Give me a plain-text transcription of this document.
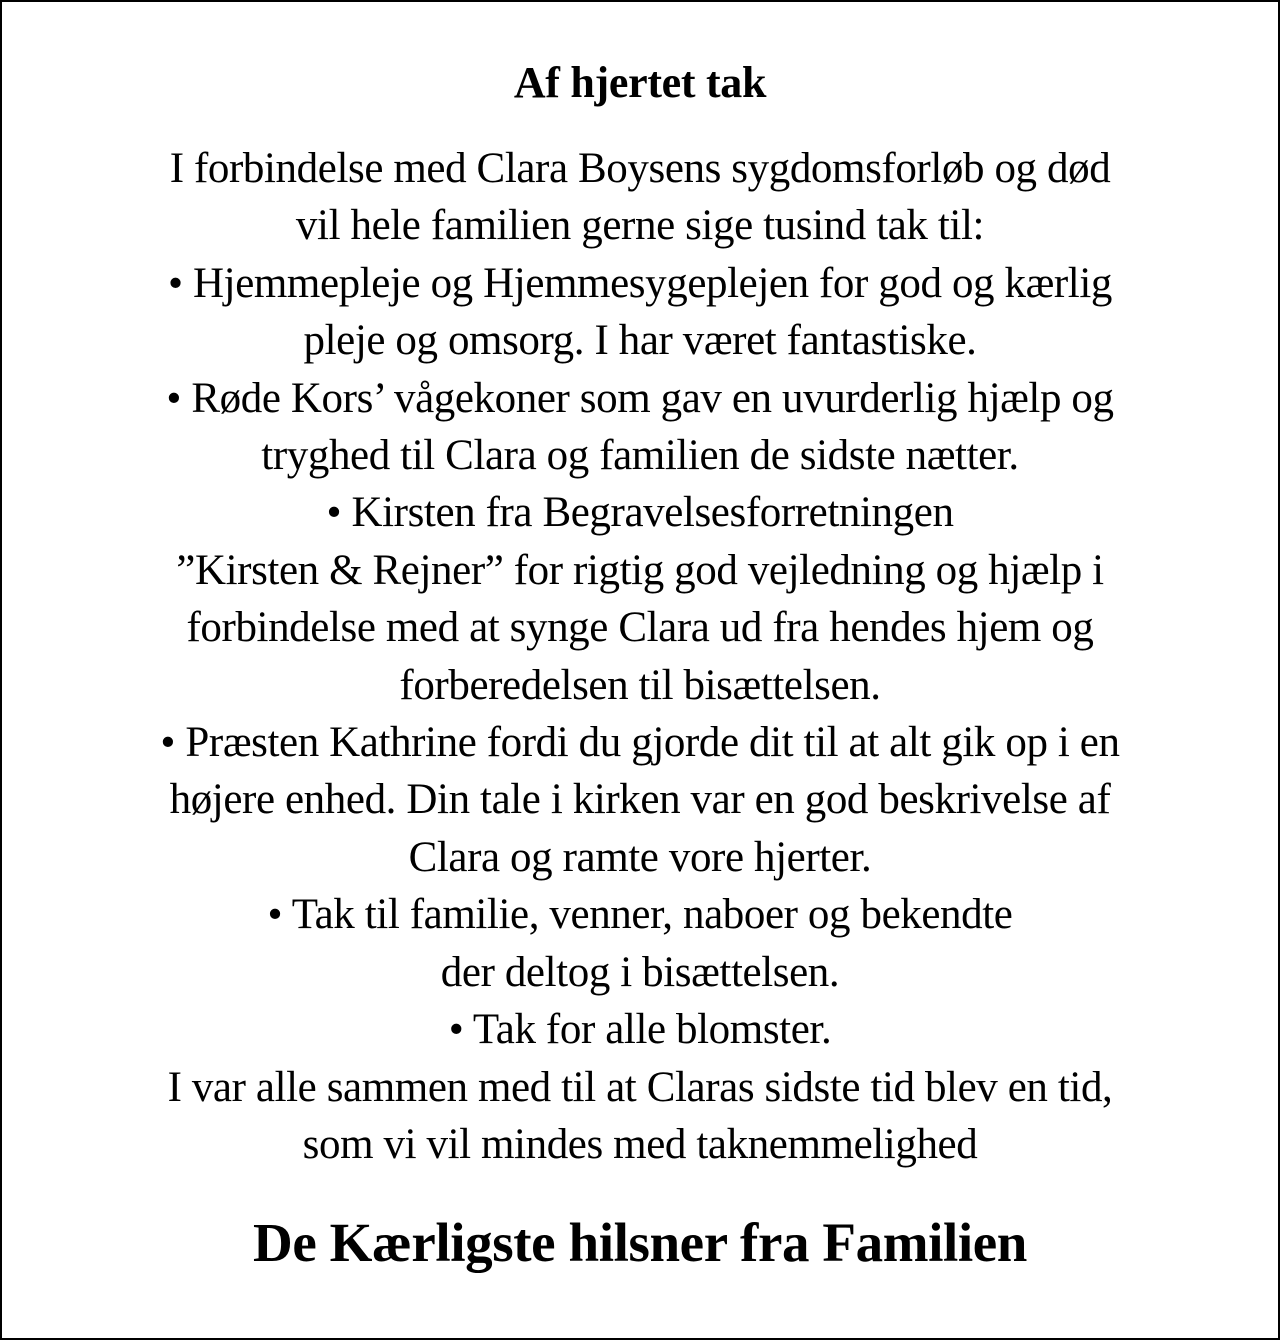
Af hjertet tak
I forbindelse med Clara Boysens sygdomsforløb og død
vil hele familien gerne sige tusind tak til:
• Hjemmepleje og Hjemmesygeplejen for god og kærlig
pleje og omsorg. I har været fantastiske.
• Røde Kors’ vågekoner som gav en uvurderlig hjælp og
tryghed til Clara og familien de sidste nætter.
• Kirsten fra Begravelsesforretningen
”Kirsten & Rejner” for rigtig god vejledning og hjælp i
forbindelse med at synge Clara ud fra hendes hjem og
forberedelsen til bisættelsen.
• Præsten Kathrine fordi du gjorde dit til at alt gik op i en
højere enhed. Din tale i kirken var en god beskrivelse af
Clara og ramte vore hjerter.
• Tak til familie, venner, naboer og bekendte
der deltog i bisættelsen.
• Tak for alle blomster.
I var alle sammen med til at Claras sidste tid blev en tid,
som vi vil mindes med taknemmelighed

De Kærligste hilsner fra Familien
